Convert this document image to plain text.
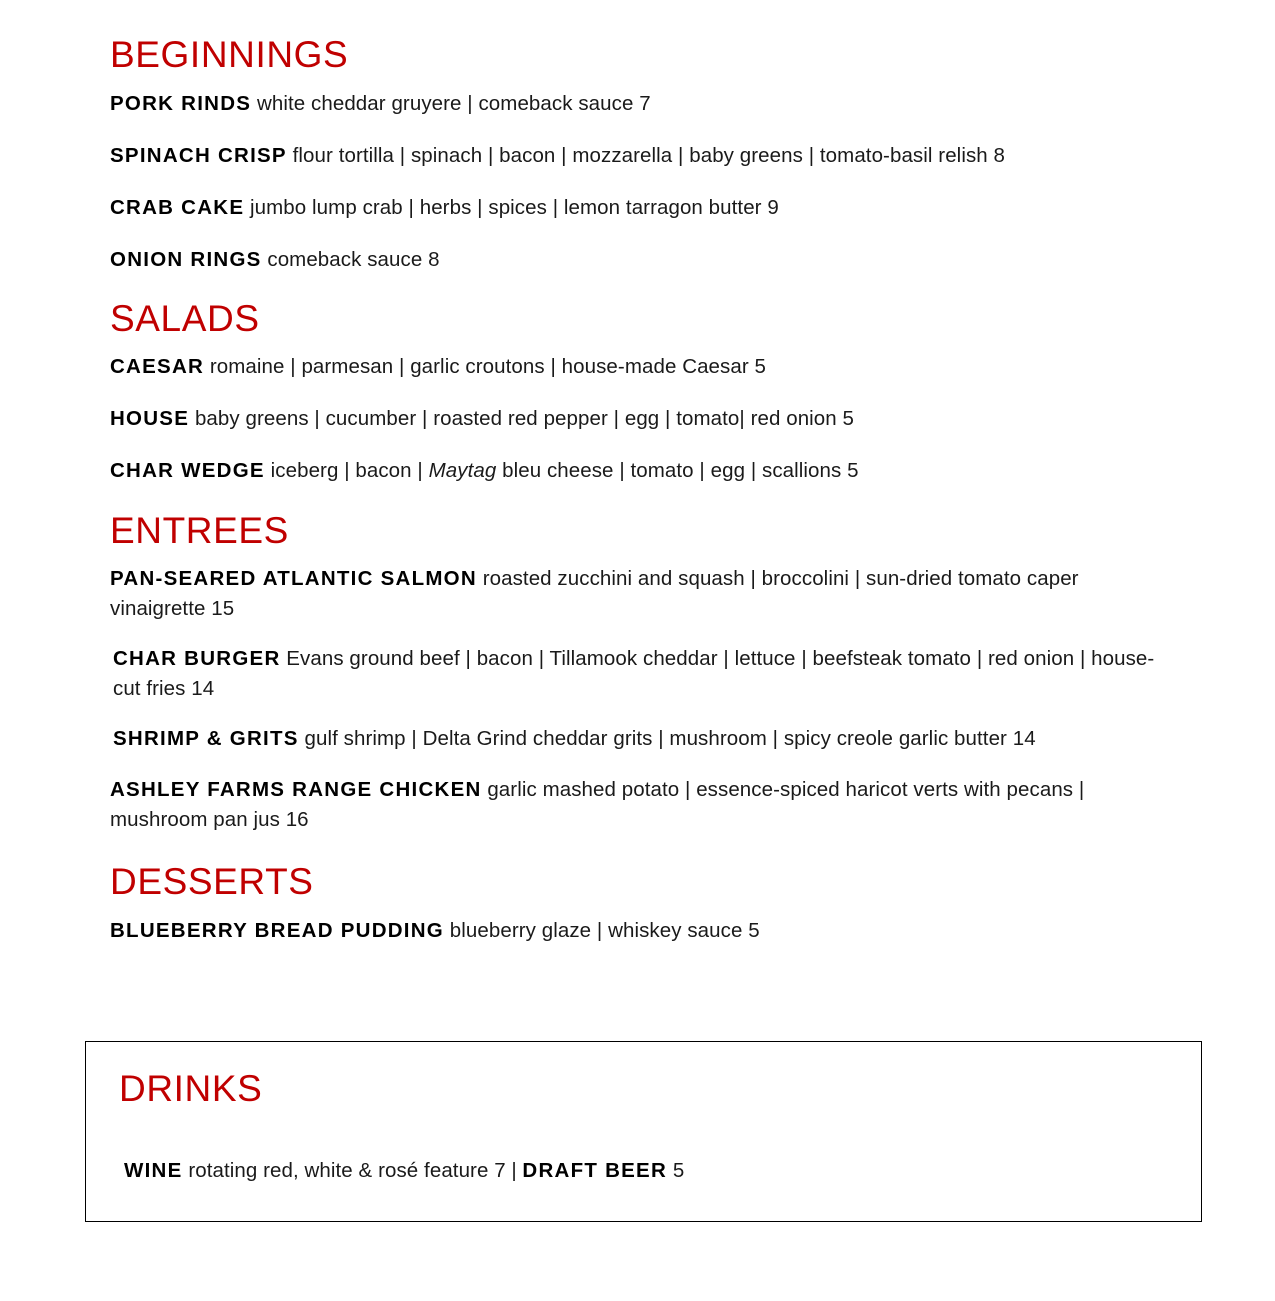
BEGINNINGS

PORK RINDS white cheddar gruyere | comeback sauce 7

SPINACH CRISP flour tortilla | spinach | bacon | mozzarella | baby greens | tomato-basil relish 8

CRAB CAKE jumbo lump crab | herbs | spices | lemon tarragon butter 9

ONION RINGS comeback sauce 8

SALADS

CAESAR romaine | parmesan | garlic croutons | house-made Caesar 5

HOUSE baby greens | cucumber | roasted red pepper | egg | tomato| red onion 5

CHAR WEDGE iceberg | bacon | Maytag bleu cheese | tomato | egg | scallions 5

ENTREES

PAN-SEARED ATLANTIC SALMON roasted zucchini and squash | broccolini | sun-dried tomato caper vinaigrette 15

CHAR BURGER Evans ground beef | bacon | Tillamook cheddar | lettuce | beefsteak tomato | red onion | house-cut fries 14

SHRIMP & GRITS gulf shrimp | Delta Grind cheddar grits | mushroom | spicy creole garlic butter 14

ASHLEY FARMS RANGE CHICKEN garlic mashed potato | essence-spiced haricot verts with pecans | mushroom pan jus 16

DESSERTS

BLUEBERRY BREAD PUDDING blueberry glaze | whiskey sauce 5

DRINKS

WINE rotating red, white & rosé feature 7 | DRAFT BEER 5
